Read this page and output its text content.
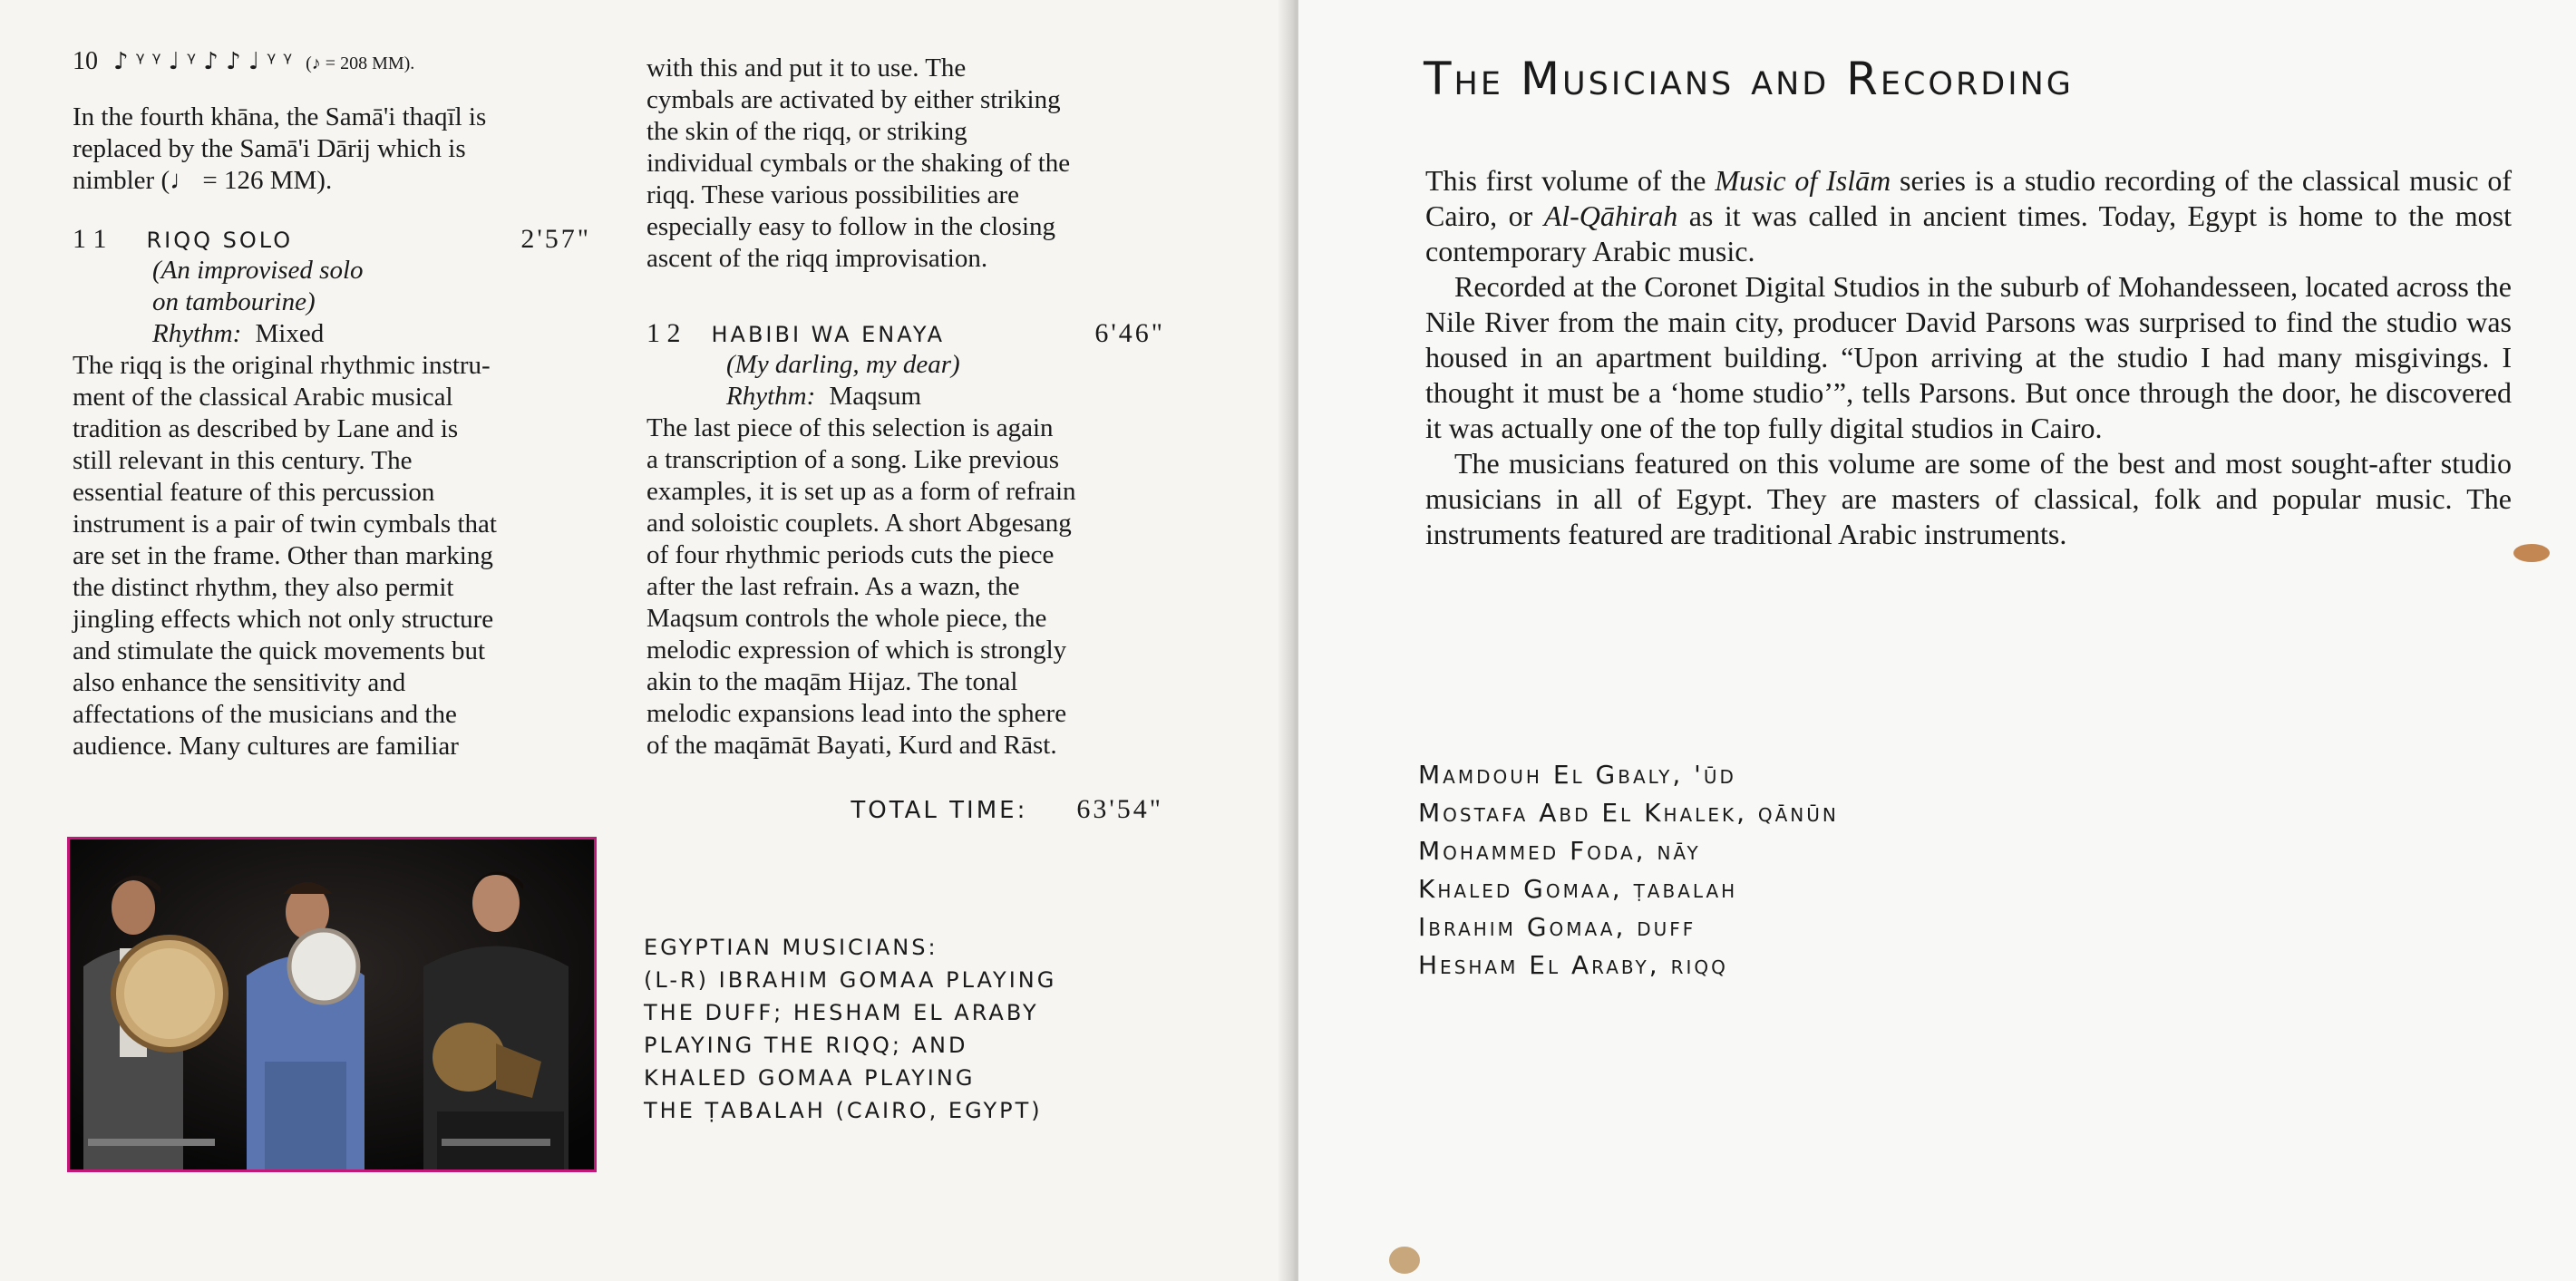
10 ♪ ᵞ ᵞ ♩ ᵞ ♪ ♪ ♩ ᵞ ᵞ (♪ = 208 MM).
In the fourth khāna, the Samā'i thaqīl is
replaced by the Samā'i Dārij which is
nimbler (♩ = 126 MM).
1 1 RIQQ SOLO	2'57"
(An improvised solo
on tambourine)
Rhythm: Mixed
The riqq is the original rhythmic instru-
ment of the classical Arabic musical
tradition as described by Lane and is
still relevant in this century. The
essential feature of this percussion
instrument is a pair of twin cymbals that
are set in the frame. Other than marking
the distinct rhythm, they also permit
jingling effects which not only structure
and stimulate the quick movements but
also enhance the sensitivity and
affectations of the musicians and the
audience. Many cultures are familiar
with this and put it to use. The
cymbals are activated by either striking
the skin of the riqq, or striking
individual cymbals or the shaking of the
riqq. These various possibilities are
especially easy to follow in the closing
ascent of the riqq improvisation.
1 2 HABIBI WA ENAYA	6'46"
(My darling, my dear)
Rhythm: Maqsum
The last piece of this selection is again
a transcription of a song. Like previous
examples, it is set up as a form of refrain
and soloistic couplets. A short Abgesang
of four rhythmic periods cuts the piece
after the last refrain. As a wazn, the
Maqsum controls the whole piece, the
melodic expression of which is strongly
akin to the maqām Hijaz. The tonal
melodic expansions lead into the sphere
of the maqāmāt Bayati, Kurd and Rāst.
TOTAL TIME: 63'54"
EGYPTIAN MUSICIANS:
(L-R) IBRAHIM GOMAA PLAYING
THE DUFF; HESHAM EL ARABY
PLAYING THE RIQQ; AND
KHALED GOMAA PLAYING
THE ṬABALAH (CAIRO, EGYPT)
The Musicians and Recording

This first volume of the Music of Islām series is a studio recording of the classical music of Cairo, or Al-Qāhirah as it was called in ancient times. Today, Egypt is home to the most contemporary Arabic music.

Recorded at the Coronet Digital Studios in the suburb of Mohandesseen, located across the Nile River from the main city, producer David Parsons was surprised to find the studio was housed in an apartment building. “Upon arriving at the studio I had many misgivings. I thought it must be a ‘home studio’”, tells Parsons. But once through the door, he discovered it was actually one of the top fully digital studios in Cairo.

The musicians featured on this volume are some of the best and most sought-after studio musicians in all of Egypt. They are masters of classical, folk and popular music. The instruments featured are traditional Arabic instruments.

Mamdouh El Gbaly, 'ūd
Mostafa Abd El Khalek, qānūn
Mohammed Foda, nāy
Khaled Gomaa, ṭabalah
Ibrahim Gomaa, duff
Hesham El Araby, riqq
